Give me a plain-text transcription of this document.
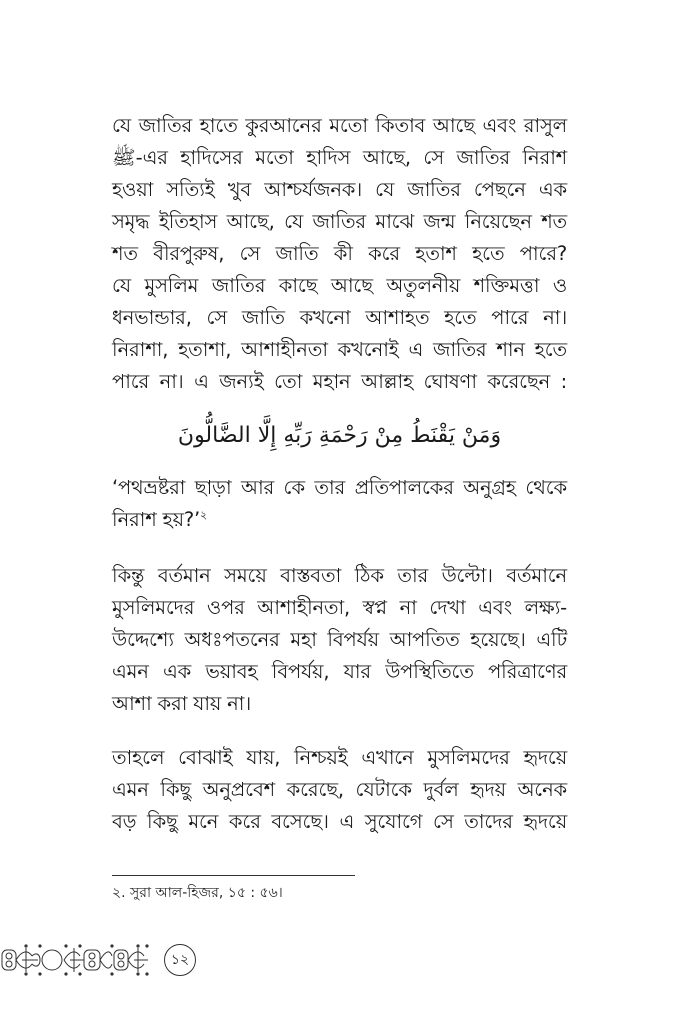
যে জাতির হাতে কুরআনের মতো কিতাব আছে এবং রাসুল
ﷺ-এর হাদিসের মতো হাদিস আছে, সে জাতির নিরাশ
হওয়া সত্যিই খুব আশ্চর্যজনক। যে জাতির পেছনে এক
সমৃদ্ধ ইতিহাস আছে, যে জাতির মাঝে জন্ম নিয়েছেন শত
শত বীরপুরুষ, সে জাতি কী করে হতাশ হতে পারে?
যে মুসলিম জাতির কাছে আছে অতুলনীয় শক্তিমত্তা ও
ধনভান্ডার, সে জাতি কখনো আশাহত হতে পারে না।
নিরাশা, হতাশা, আশাহীনতা কখনোই এ জাতির শান হতে
পারে না। এ জন্যই তো মহান আল্লাহ ঘোষণা করেছেন :
وَمَنْ يَقْنَطُ مِنْ رَحْمَةِ رَبِّهِ إِلَّا الضَّالُّونَ
‘পথভ্রষ্টরা ছাড়া আর কে তার প্রতিপালকের অনুগ্রহ থেকে
নিরাশ হয়?’$^২$
কিন্তু বর্তমান সময়ে বাস্তবতা ঠিক তার উল্টো। বর্তমানে
মুসলিমদের ওপর আশাহীনতা, স্বপ্ন না দেখা এবং লক্ষ্য-
উদ্দেশ্যে অধঃপতনের মহা বিপর্যয় আপতিত হয়েছে। এটি
এমন এক ভয়াবহ বিপর্যয়, যার উপস্থিতিতে পরিত্রাণের
আশা করা যায় না।
তাহলে বোঝাই যায়, নিশ্চয়ই এখানে মুসলিমদের হৃদয়ে
এমন কিছু অনুপ্রবেশ করেছে, যেটাকে দুর্বল হৃদয় অনেক
বড় কিছু মনে করে বসেছে। এ সুযোগে সে তাদের হৃদয়ে
২. সুরা আল-হিজর, ১৫ : ৫৬।
১২
